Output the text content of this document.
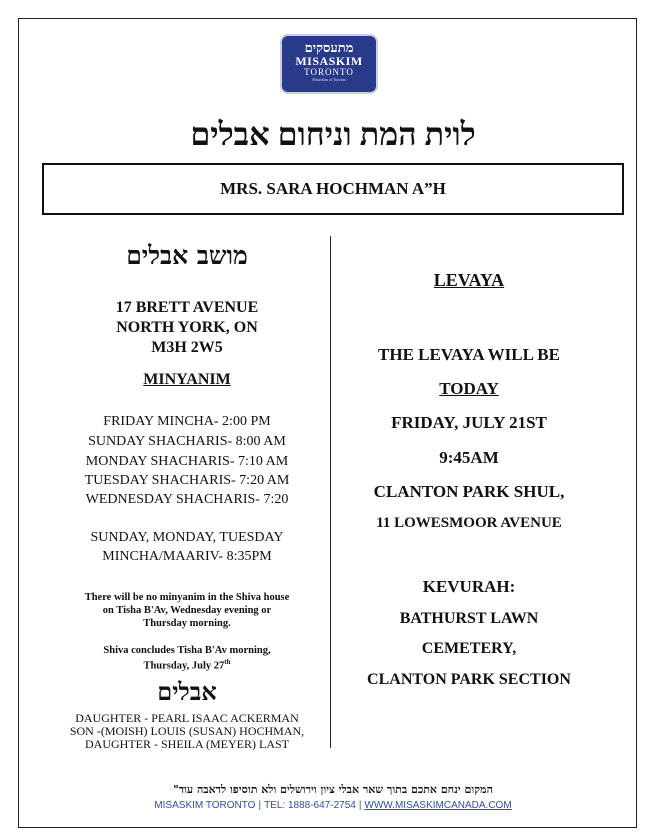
מתעסקים
MISASKIM
TORONTO
Misaskim of Toronto
לוית המת וניחום אבלים
MRS. SARA HOCHMAN A”H
מושב אבלים
17 BRETT AVENUE
NORTH YORK, ON
M3H 2W5
MINYANIM
FRIDAY MINCHA- 2:00 PM
SUNDAY SHACHARIS- 8:00 AM
MONDAY SHACHARIS- 7:10 AM
TUESDAY SHACHARIS- 7:20 AM
WEDNESDAY SHACHARIS- 7:20
SUNDAY, MONDAY, TUESDAY
MINCHA/MAARIV- 8:35PM
There will be no minyanim in the Shiva house
on Tisha B'Av, Wednesday evening or
Thursday morning.
Shiva concludes Tisha B'Av morning,
Thursday, July 27th
אבלים
DAUGHTER - PEARL ISAAC ACKERMAN
SON -(MOISH) LOUIS (SUSAN) HOCHMAN,
DAUGHTER - SHEILA (MEYER) LAST
LEVAYA
THE LEVAYA WILL BE
TODAY
FRIDAY, JULY 21ST
9:45AM
CLANTON PARK SHUL,
11 LOWESMOOR AVENUE
KEVURAH:
BATHURST LAWN
CEMETERY,
CLANTON PARK SECTION
המקום ינחם אתכם בתוך שאר אבלי ציון וירושלים ולא תוסיפו לדאבה עוד"
MISASKIM TORONTO | TEL: 1888-647-2754 | WWW.MISASKIMCANADA.COM
